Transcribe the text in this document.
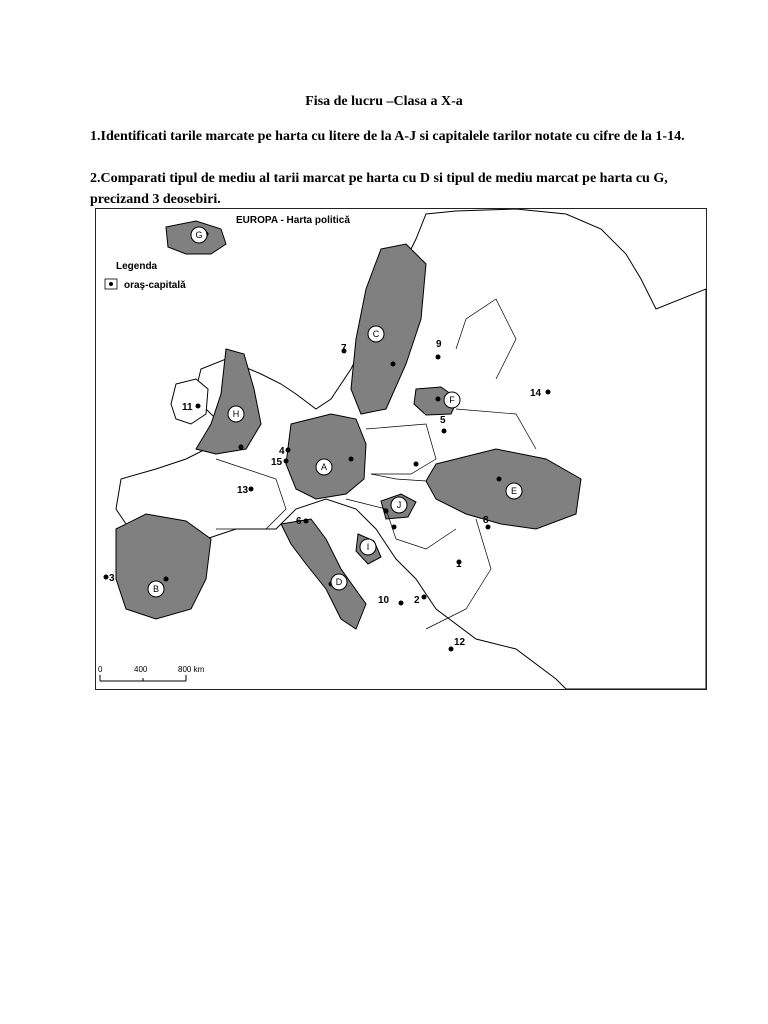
Fisa de lucru –Clasa a X-a
1.Identificati tarile marcate pe harta cu litere de la A-J si capitalele tarilor notate cu cifre de la 1-14.
2.Comparati tipul de mediu al tarii marcat pe harta cu D si tipul de mediu marcat pe harta cu G, precizand 3 deosebiri.
A
B
C
D
E
F
G
H
I
J
1
2
3
4
5
6
7
8
9
10
11
12
13
14
15
EUROPA - Harta politică
Legenda
oraş-capitală
0	400	800 km
